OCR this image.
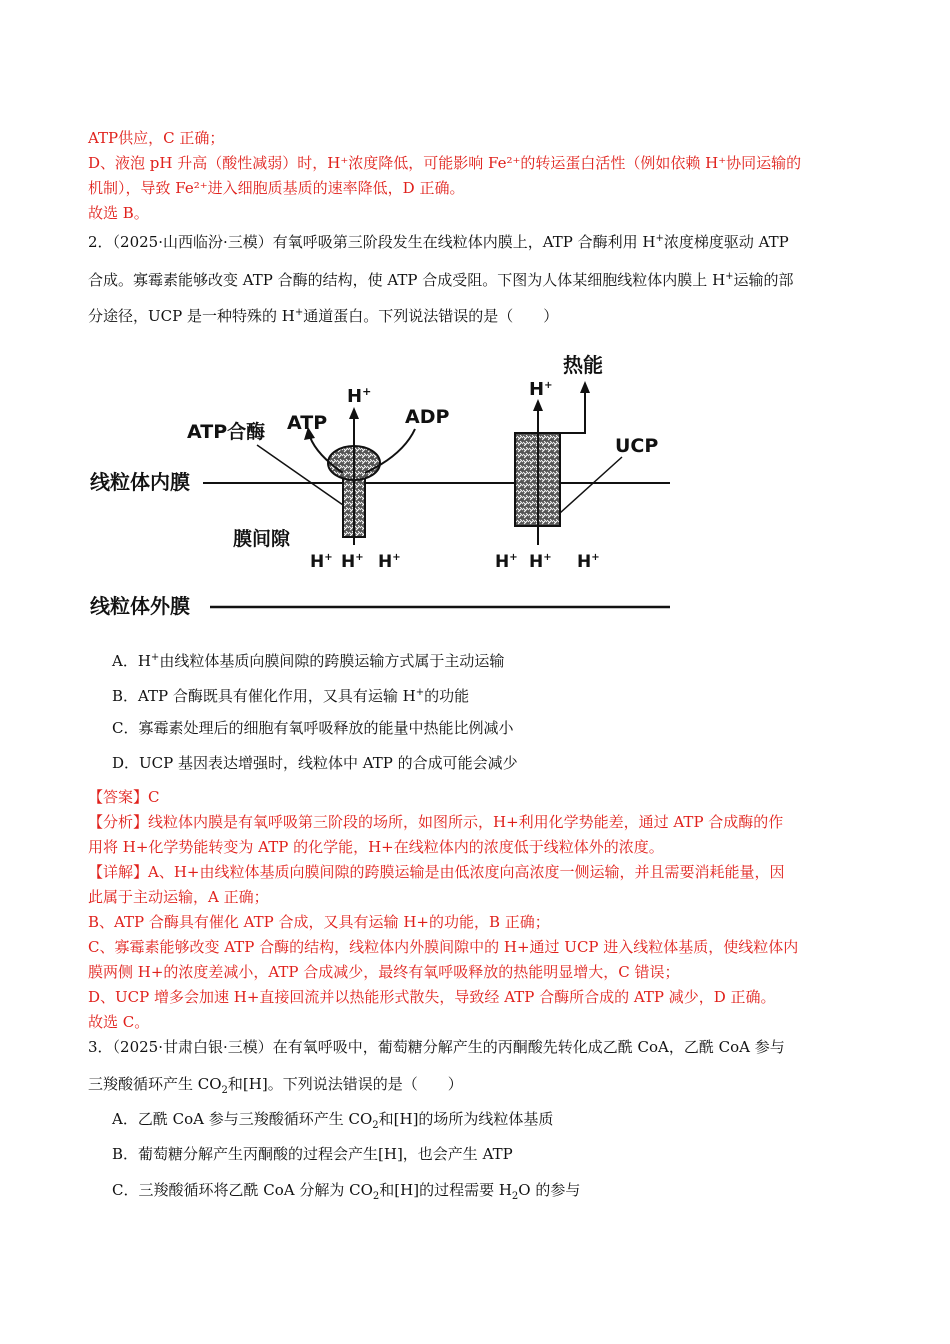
ATP供应，C 正确；
D、液泡 pH 升高（酸性减弱）时，H⁺浓度降低，可能影响 Fe²⁺的转运蛋白活性（例如依赖 H⁺协同运输的
机制），导致 Fe²⁺进入细胞质基质的速率降低，D 正确。
故选 B。
2．（2025·山西临汾·三模）有氧呼吸第三阶段发生在线粒体内膜上，ATP 合酶利用 H+浓度梯度驱动 ATP
合成。寡霉素能够改变 ATP 合酶的结构，使 ATP 合成受阻。下图为人体某细胞线粒体内膜上 H+运输的部
分途径，UCP 是一种特殊的 H+通道蛋白。下列说法错误的是（　　）
线粒体内膜
线粒体外膜
膜间隙
H+
ATP
ATP合酶
ADP
H+ H+ H+
H+
热能
UCP
H+ H+ H+
A．H+由线粒体基质向膜间隙的跨膜运输方式属于主动运输
B．ATP 合酶既具有催化作用，又具有运输 H+的功能
C．寡霉素处理后的细胞有氧呼吸释放的能量中热能比例减小
D．UCP 基因表达增强时，线粒体中 ATP 的合成可能会减少
【答案】C
【分析】线粒体内膜是有氧呼吸第三阶段的场所，如图所示，H+利用化学势能差，通过 ATP 合成酶的作
用将 H+化学势能转变为 ATP 的化学能，H+在线粒体内的浓度低于线粒体外的浓度。
【详解】A、H+由线粒体基质向膜间隙的跨膜运输是由低浓度向高浓度一侧运输，并且需要消耗能量，因
此属于主动运输，A 正确；
B、ATP 合酶具有催化 ATP 合成，又具有运输 H+的功能，B 正确；
C、寡霉素能够改变 ATP 合酶的结构，线粒体内外膜间隙中的 H+通过 UCP 进入线粒体基质，使线粒体内
膜两侧 H+的浓度差减小，ATP 合成减少，最终有氧呼吸释放的热能明显增大，C 错误；
D、UCP 增多会加速 H+直接回流并以热能形式散失，导致经 ATP 合酶所合成的 ATP 减少，D 正确。
故选 C。
3．（2025·甘肃白银·三模）在有氧呼吸中，葡萄糖分解产生的丙酮酸先转化成乙酰 CoA，乙酰 CoA 参与
三羧酸循环产生 $CO_2$和[H]。下列说法错误的是（　　）
A．乙酰 CoA 参与三羧酸循环产生 $CO_2$和[H]的场所为线粒体基质
B．葡萄糖分解产生丙酮酸的过程会产生[H]，也会产生 ATP
C．三羧酸循环将乙酰 CoA 分解为 $CO_2$和[H]的过程需要 $H_2O$ 的参与
